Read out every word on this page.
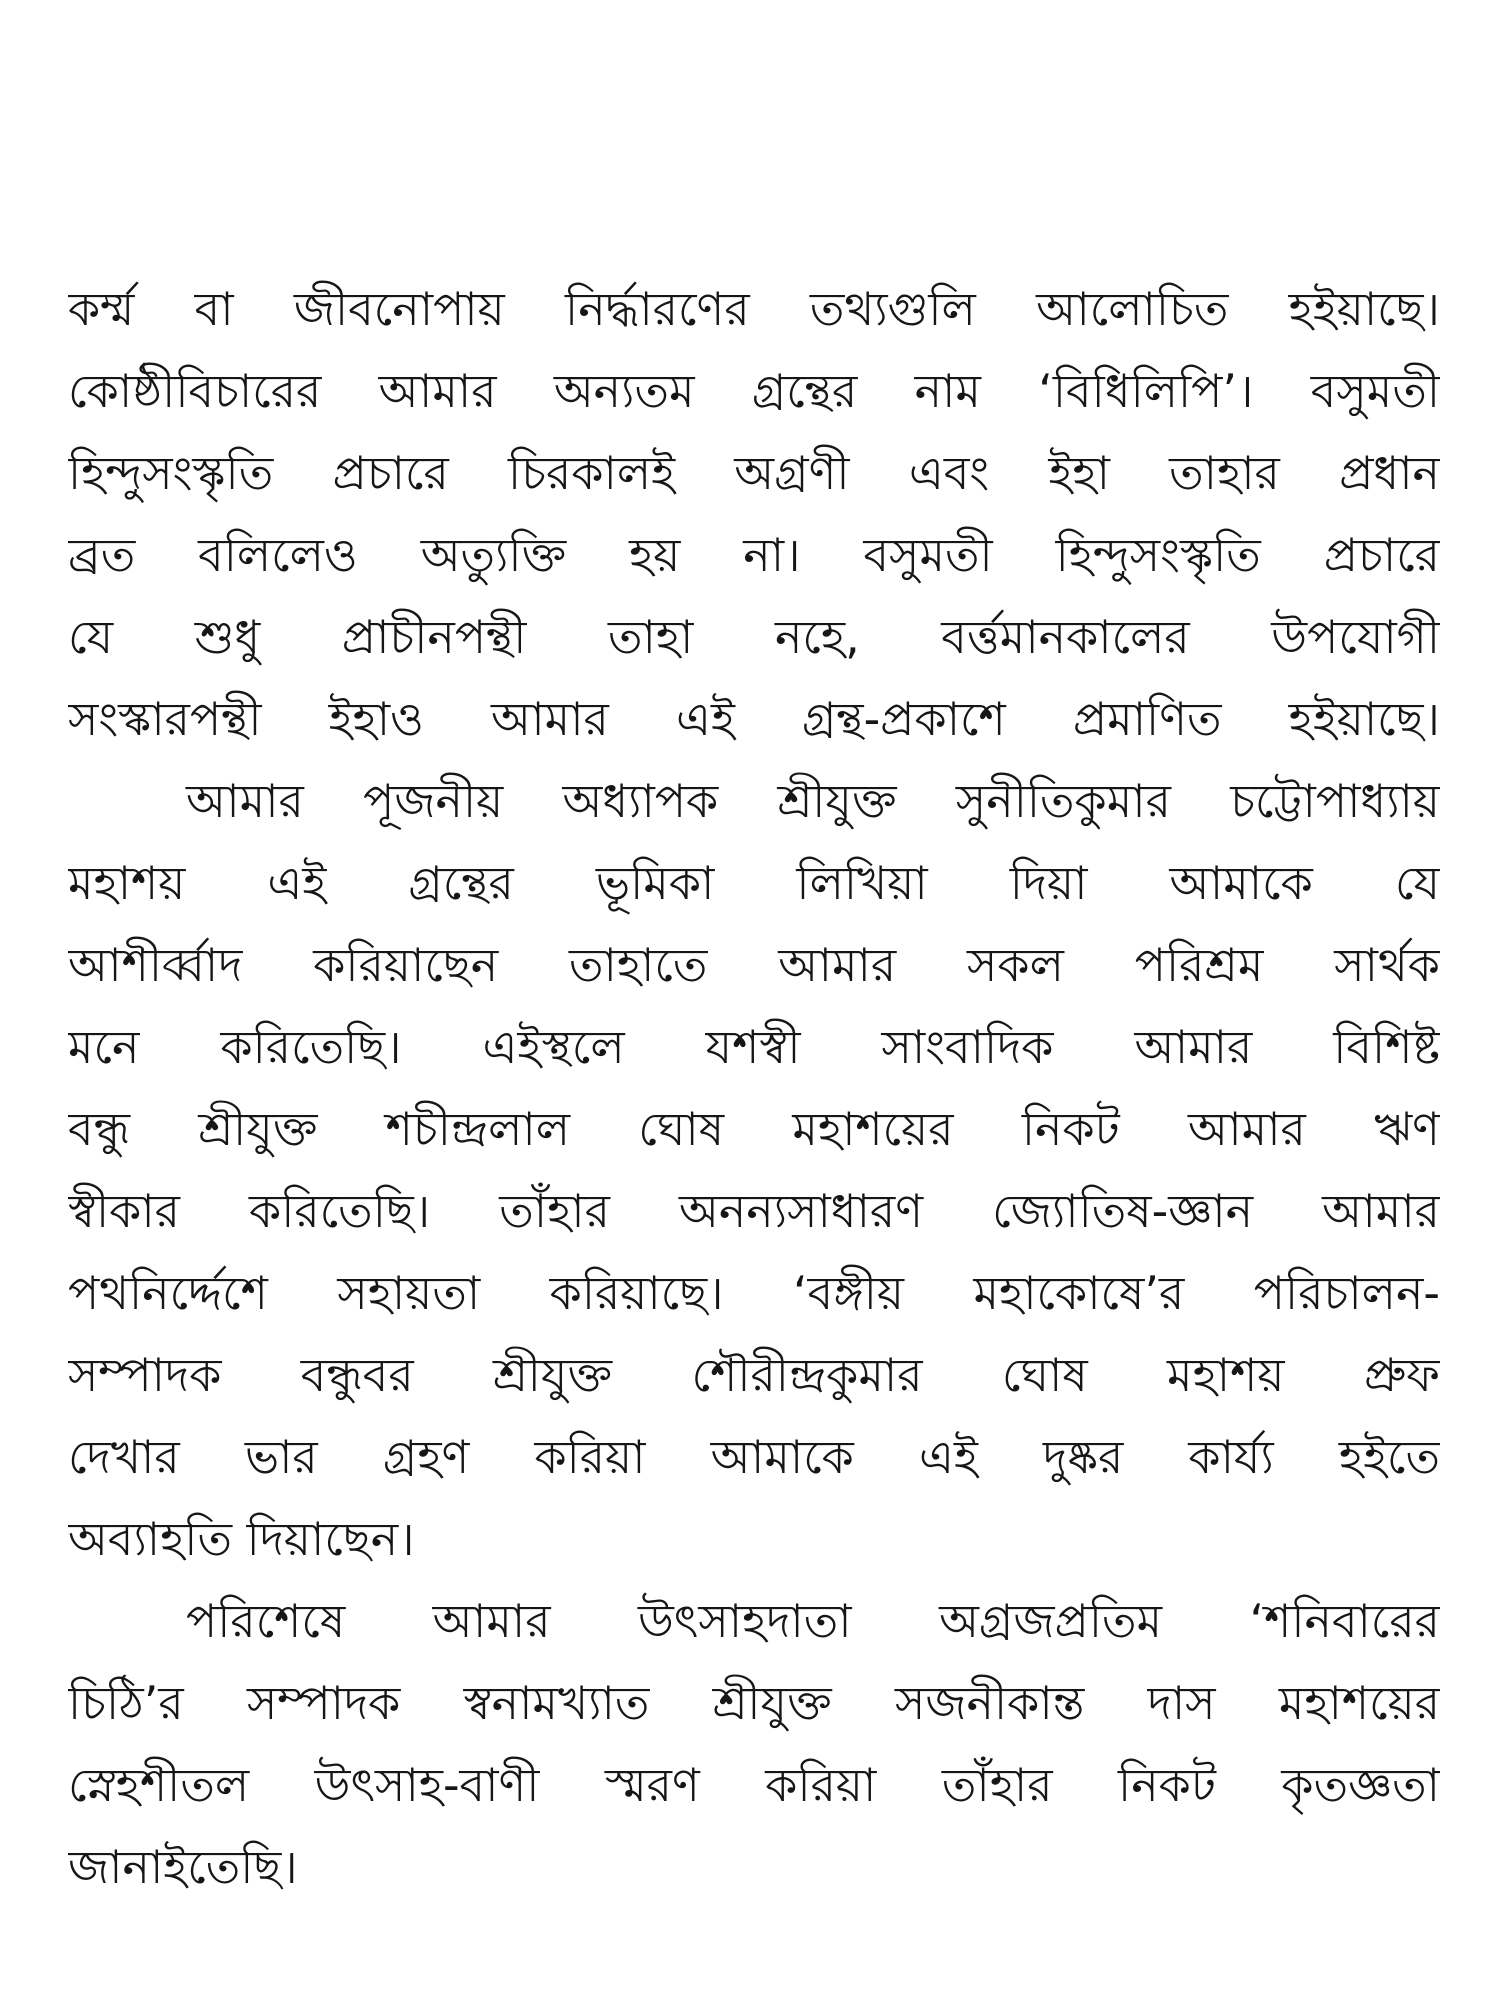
কর্ম্ম বা জীবনোপায় নির্দ্ধারণের তথ্যগুলি আলোচিত হইয়াছে।
কোষ্ঠীবিচারের আমার অন্যতম গ্রন্থের নাম ‘বিধিলিপি’। বসুমতী
হিন্দুসংস্কৃতি প্রচারে চিরকালই অগ্রণী এবং ইহা তাহার প্রধান
ব্রত বলিলেও অত্যুক্তি হয় না। বসুমতী হিন্দুসংস্কৃতি প্রচারে
যে শুধু প্রাচীনপন্থী তাহা নহে, বর্ত্তমানকালের উপযোগী
সংস্কারপন্থী ইহাও আমার এই গ্রন্থ-প্রকাশে প্রমাণিত হইয়াছে।
আমার পূজনীয় অধ্যাপক শ্রীযুক্ত সুনীতিকুমার চট্টোপাধ্যায়
মহাশয় এই গ্রন্থের ভূমিকা লিখিয়া দিয়া আমাকে যে
আশীর্ব্বাদ করিয়াছেন তাহাতে আমার সকল পরিশ্রম সার্থক
মনে করিতেছি। এইস্থলে যশস্বী সাংবাদিক আমার বিশিষ্ট
বন্ধু শ্রীযুক্ত শচীন্দ্রলাল ঘোষ মহাশয়ের নিকট আমার ঋণ
স্বীকার করিতেছি। তাঁহার অনন্যসাধারণ জ্যোতিষ-জ্ঞান আমার
পথনির্দ্দেশে সহায়তা করিয়াছে। ‘বঙ্গীয় মহাকোষে’র পরিচালন-
সম্পাদক বন্ধুবর শ্রীযুক্ত শৌরীন্দ্রকুমার ঘোষ মহাশয় প্রুফ
দেখার ভার গ্রহণ করিয়া আমাকে এই দুষ্কর কার্য্য হইতে
অব্যাহতি দিয়াছেন।
পরিশেষে আমার উৎসাহদাতা অগ্রজপ্রতিম ‘শনিবারের
চিঠি’র সম্পাদক স্বনামখ্যাত শ্রীযুক্ত সজনীকান্ত দাস মহাশয়ের
স্নেহশীতল উৎসাহ-বাণী স্মরণ করিয়া তাঁহার নিকট কৃতজ্ঞতা
জানাইতেছি।
